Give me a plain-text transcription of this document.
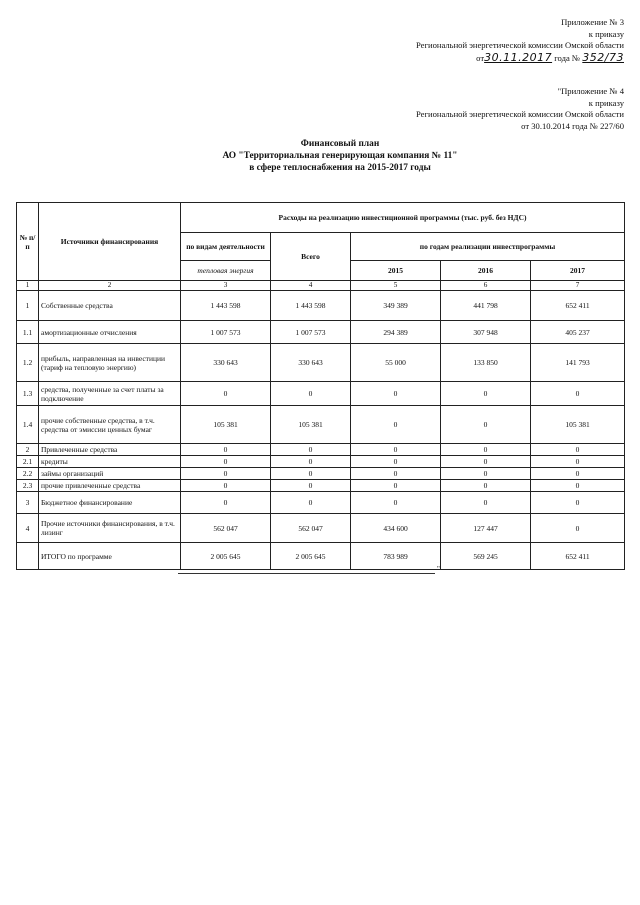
Приложение № 3
к приказу
Региональной энергетической комиссии Омской области
от30.11.2017 года № 352/73
"Приложение № 4
к приказу
Региональной энергетической комиссии Омской области
от 30.10.2014 года № 227/60
Финансовый план
АО "Территориальная генерирующая компания № 11"
в сфере теплоснабжения на 2015-2017 годы
№ п/п	Источники финансирования	Расходы на реализацию инвестиционной программы (тыс. руб. без НДС)				
		по видам деятельности	Всего	по годам реализации инвестпрограммы		
		тепловая энергия		2015	2016	2017
1	2	3	4	5	6	7
1	Собственные средства	1 443 598	1 443 598	349 389	441 798	652 411
1.1	амортизационные отчисления	1 007 573	1 007 573	294 389	307 948	405 237
1.2	прибыль, направленная на инвестиции (тариф на тепловую энергию)	330 643	330 643	55 000	133 850	141 793
1.3	средства, полученные за счет платы за подключение	0	0	0	0	0
1.4	прочие собственные средства, в т.ч. средства от эмиссии ценных бумаг	105 381	105 381	0	0	105 381
2	Привлеченные средства	0	0	0	0	0
2.1	кредиты	0	0	0	0	0
2.2	займы организаций	0	0	0	0	0
2.3	прочие привлеченные средства	0	0	0	0	0
3	Бюджетное финансирование	0	0	0	0	0
4	Прочие источники финансирования, в т.ч. лизинг	562 047	562 047	434 600	127 447	0
	ИТОГО по программе	2 005 645	2 005 645	783 989	569 245	652 411
"
